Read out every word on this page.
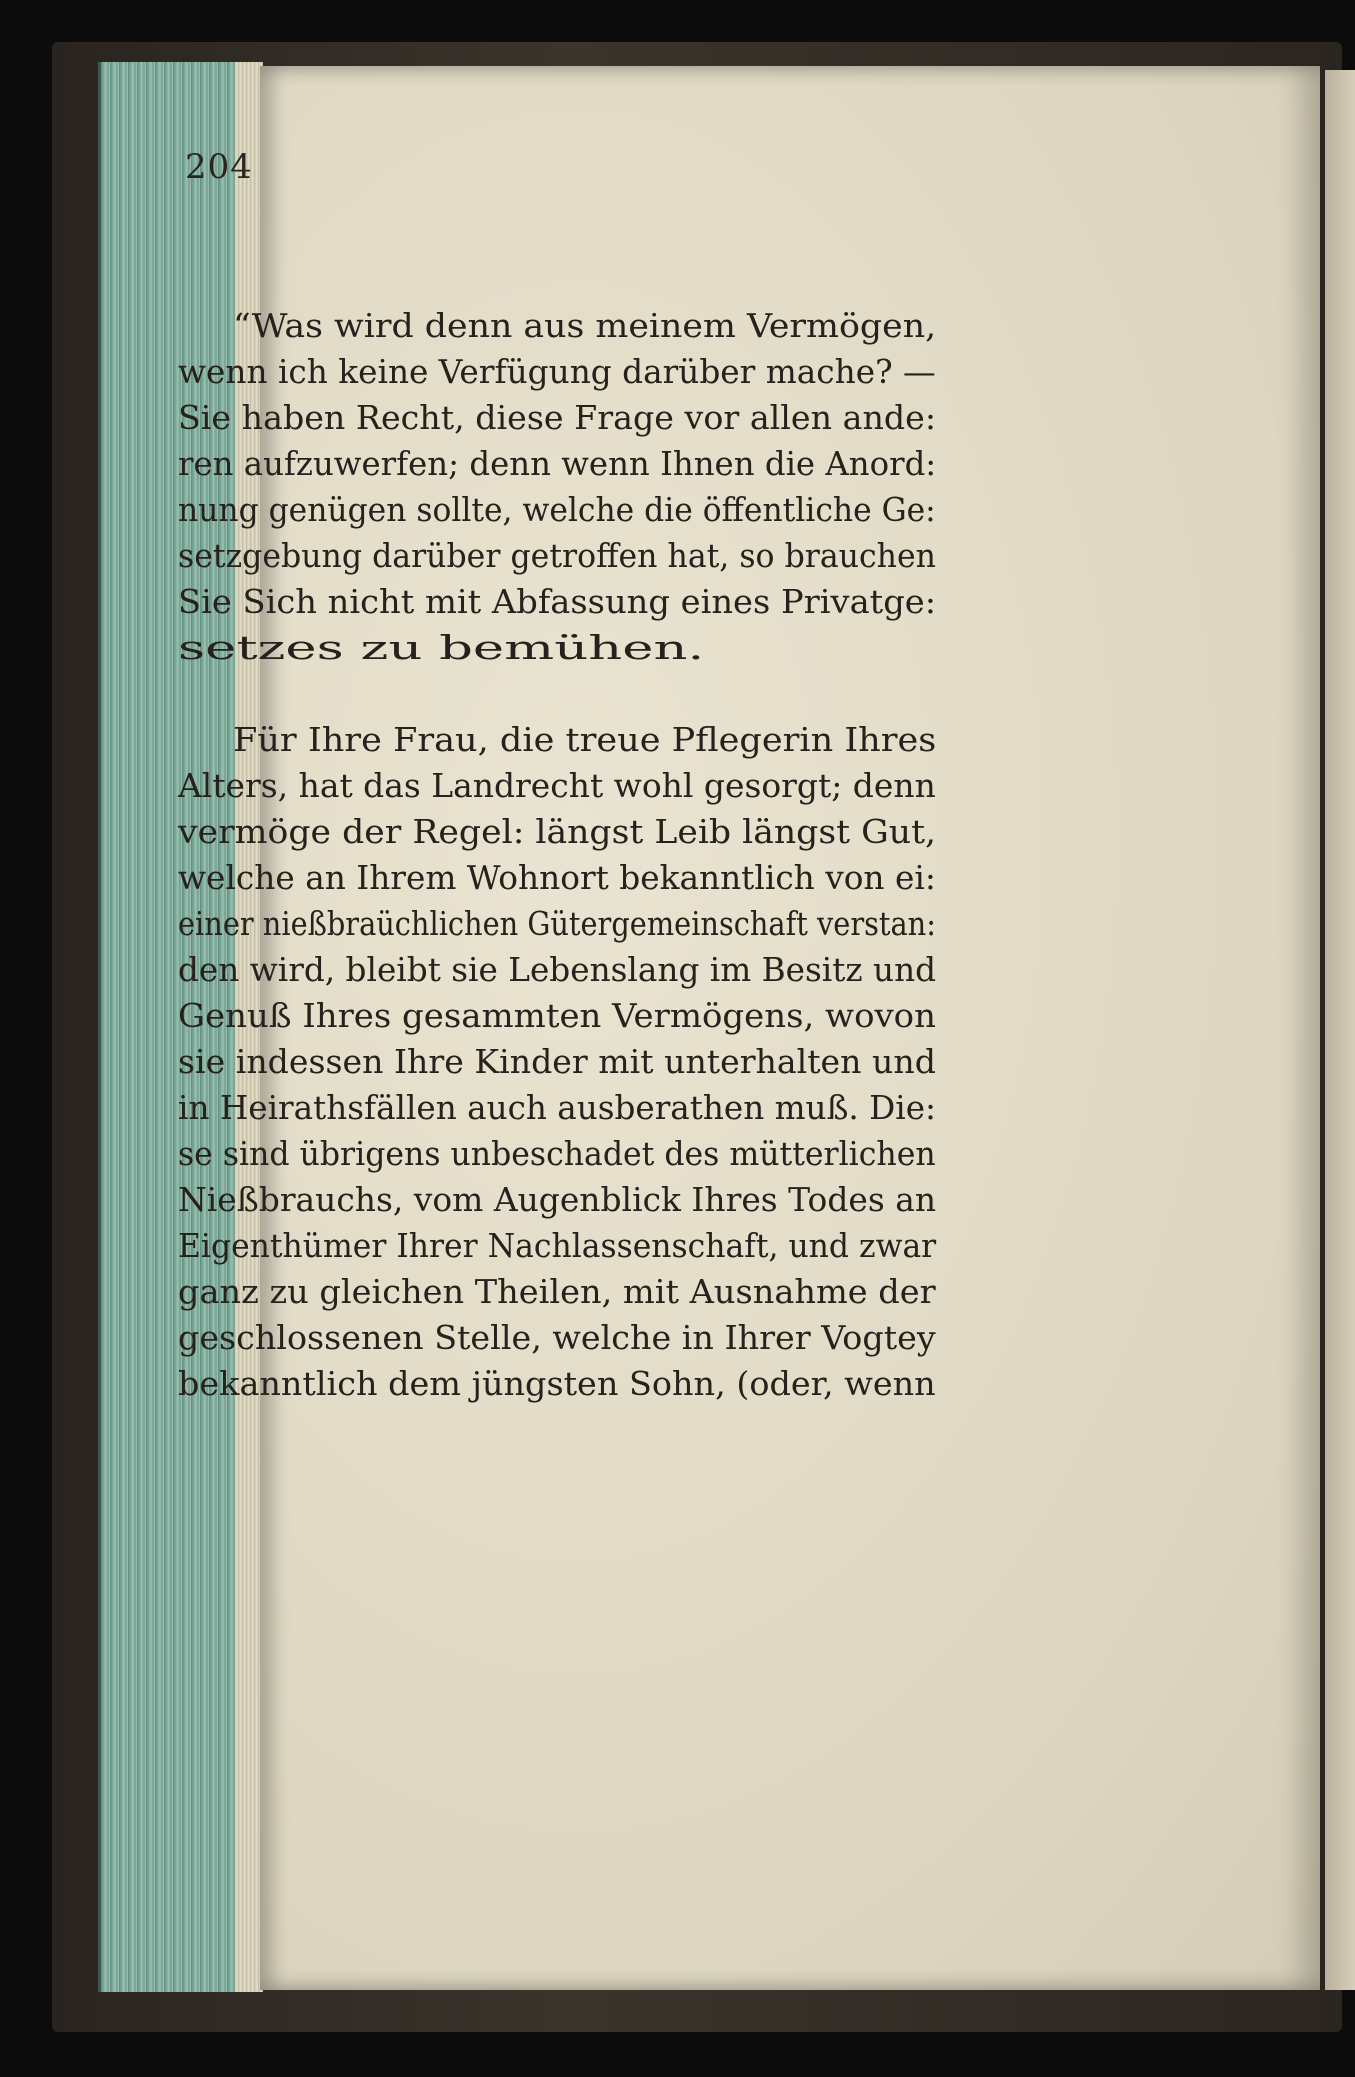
204
“Was wird denn aus meinem Vermögen,
wenn ich keine Verfügung darüber mache? —
Sie haben Recht, diese Frage vor allen ande:
ren aufzuwerfen; denn wenn Ihnen die Anord:
nung genügen sollte, welche die öffentliche Ge:
setzgebung darüber getroffen hat, so brauchen
Sie Sich nicht mit Abfassung eines Privatge:
setzes zu bemühen.
Für Ihre Frau, die treue Pflegerin Ihres
Alters, hat das Landrecht wohl gesorgt; denn
vermöge der Regel: längst Leib längst Gut,
welche an Ihrem Wohnort bekanntlich von ei:
einer nießbraüchlichen Gütergemeinschaft verstan:
den wird, bleibt sie Lebenslang im Besitz und
Genuß Ihres gesammten Vermögens, wovon
sie indessen Ihre Kinder mit unterhalten und
in Heirathsfällen auch ausberathen muß. Die:
se sind übrigens unbeschadet des mütterlichen
Nießbrauchs, vom Augenblick Ihres Todes an
Eigenthümer Ihrer Nachlassenschaft, und zwar
ganz zu gleichen Theilen, mit Ausnahme der
geschlossenen Stelle, welche in Ihrer Vogtey
bekanntlich dem jüngsten Sohn, (oder, wenn
